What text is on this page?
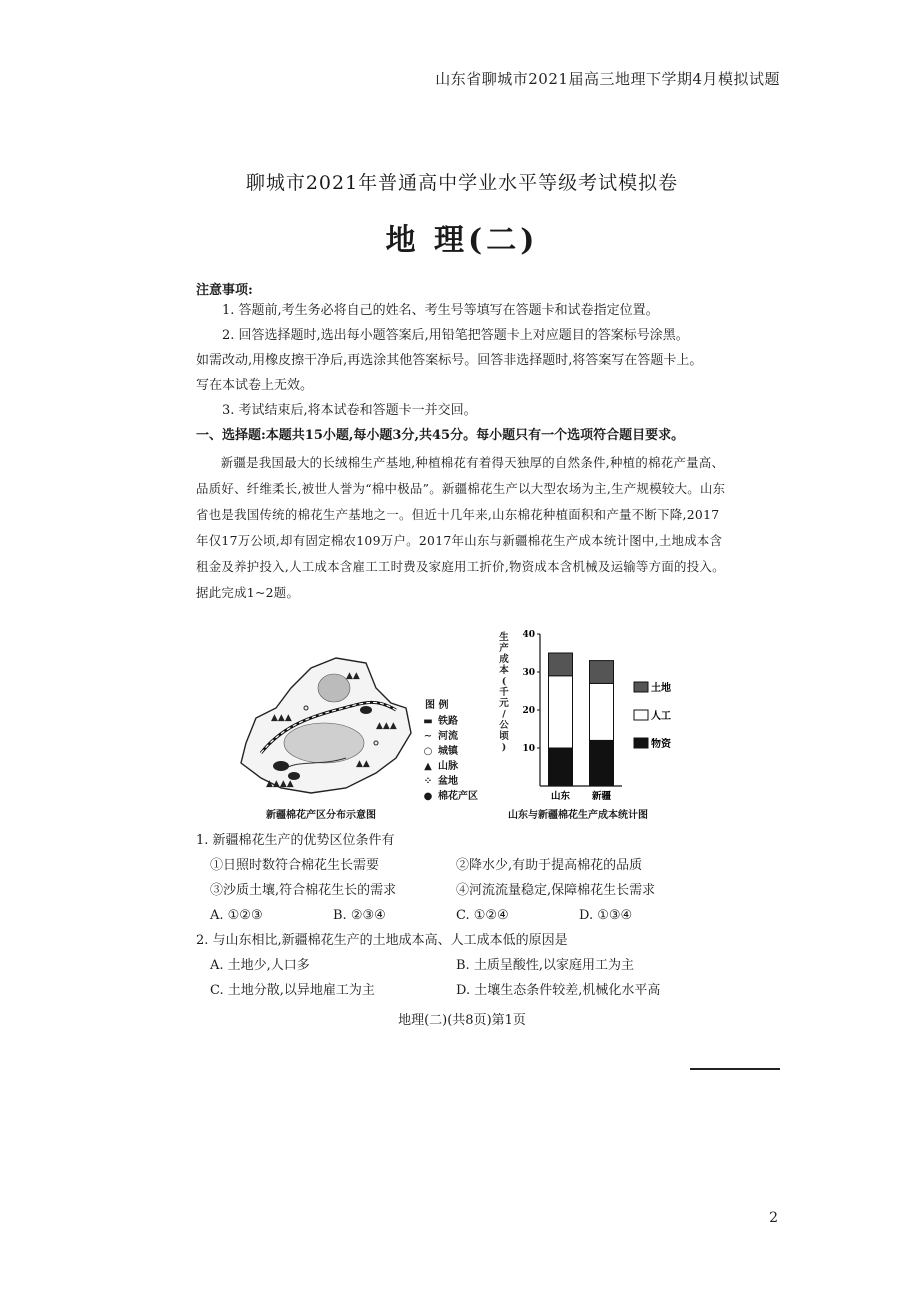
山东省聊城市2021届高三地理下学期4月模拟试题
聊城市2021年普通高中学业水平等级考试模拟卷
地 理(二)
注意事项:
1. 答题前,考生务必将自己的姓名、考生号等填写在答题卡和试卷指定位置。
2. 回答选择题时,选出每小题答案后,用铅笔把答题卡上对应题目的答案标号涂黑。
如需改动,用橡皮擦干净后,再选涂其他答案标号。回答非选择题时,将答案写在答题卡上。
写在本试卷上无效。
3. 考试结束后,将本试卷和答题卡一并交回。
一、选择题:本题共15小题,每小题3分,共45分。每小题只有一个选项符合题目要求。
新疆是我国最大的长绒棉生产基地,种植棉花有着得天独厚的自然条件,种植的棉花产量高、品质好、纤维柔长,被世人誉为“棉中极品”。新疆棉花生产以大型农场为主,生产规模较大。山东省也是我国传统的棉花生产基地之一。但近十几年来,山东棉花种植面积和产量不断下降,2017年仅17万公顷,却有固定棉农109万户。2017年山东与新疆棉花生产成本统计图中,土地成本含租金及养护投入,人工成本含雇工工时费及家庭用工折价,物资成本含机械及运输等方面的投入。据此完成1~2题。
▲▲▲
▲▲
▲▲▲
▲▲▲▲
▲▲
图 例
▬ 铁路
∼ 河流
○ 城镇
▲ 山脉
⁘ 盆地
● 棉花产区
新疆棉花产区分布示意图
生
产
成
本
(
千
元
/
公
顷
) 10
20
30
40
山东 新疆
土地
人工
物资
山东与新疆棉花生产成本统计图
1. 新疆棉花生产的优势区位条件有
①日照时数符合棉花生长需要	②降水少,有助于提高棉花的品质
③沙质土壤,符合棉花生长的需求	④河流流量稳定,保障棉花生长需求
A. ①②③	B. ②③④	C. ①②④	D. ①③④
2. 与山东相比,新疆棉花生产的土地成本高、人工成本低的原因是
A. 土地少,人口多	B. 土质呈酸性,以家庭用工为主
C. 土地分散,以异地雇工为主	D. 土壤生态条件较差,机械化水平高
地理(二)(共8页)第1页
2
